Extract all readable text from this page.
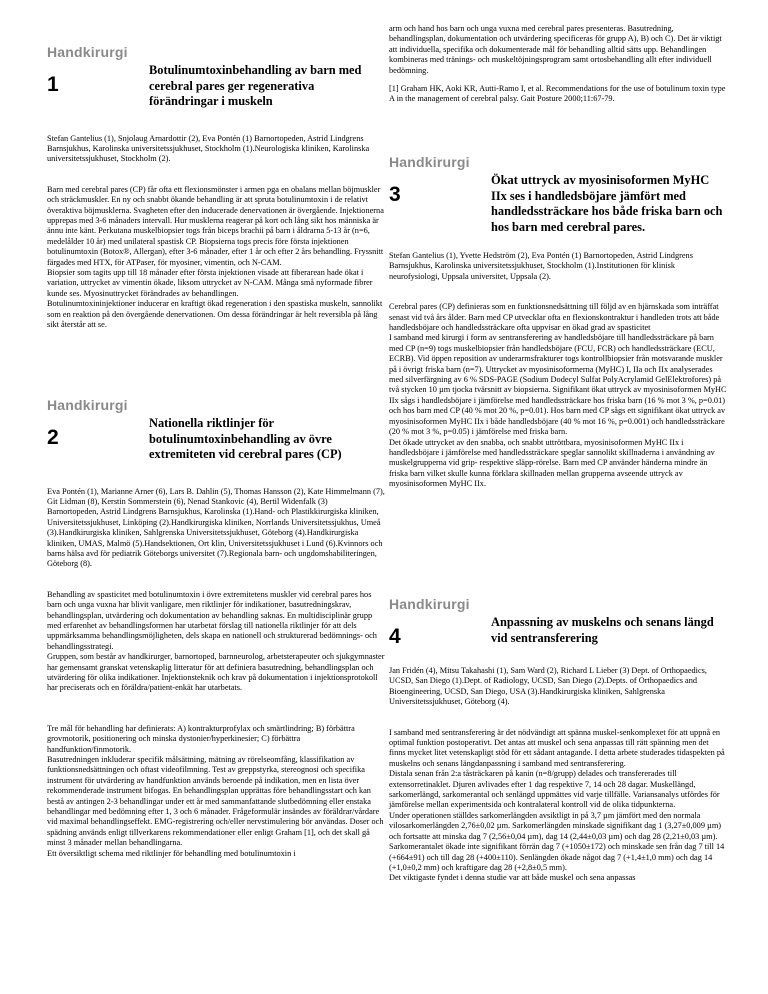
Handkirurgi
1
Botulinumtoxinbehandling av barn med cerebral pares ger regenerativa förändringar i muskeln
Stefan Gantelius (1), Snjolaug Arnardottir (2), Eva Pontén (1) Barnortopeden, Astrid Lindgrens Barnsjukhus, Karolinska universitetssjukhuset, Stockholm (1).Neurologiska kliniken, Karolinska universitetssjukhuset, Stockholm (2).
Barn med cerebral pares (CP) får ofta ett flexionsmönster i armen pga en obalans mellan böjmuskler och sträckmuskler. En ny och snabbt ökande behandling är att spruta botulinumtoxin i de relativt överaktiva böjmusklerna. Svagheten efter den inducerade denervationen är övergående. Injektionerna upprepas med 3-6 månaders intervall. Hur musklerna reagerar på kort och lång sikt hos människa är ännu inte känt. Perkutana muskelbiopsier togs från biceps brachii på barn i åldrarna 5-13 år (n=6, medelålder 10 år) med unilateral spastisk CP. Biopsierna togs precis före första injektionen botulinumtoxin (Botox®, Allergan), efter 3-6 månader, efter 1 år och efter 2 års behandling. Fryssnitt färgades med HTX, för ATPaser, för myosiner, vimentin, och N-CAM.
Biopsier som tagits upp till 18 månader efter första injektionen visade att fiberarean hade ökat i variation, uttrycket av vimentin ökade, liksom uttrycket av N-CAM. Många små nyformade fibrer kunde ses. Myosinuttrycket förändrades av behandlingen.
Botulinumtoxininjektioner inducerar en kraftigt ökad regeneration i den spastiska muskeln, sannolikt som en reaktion på den övergående denervationen. Om dessa förändringar är helt reversibla på lång sikt återstår att se.
Handkirurgi
2
Nationella riktlinjer för botulinumtoxinbehandling av övre extremiteten vid cerebral pares (CP)
Eva Pontén (1), Marianne Arner (6), Lars B. Dahlin (5), Thomas Hansson (2), Kate Himmelmann (7), Git Lidman (8), Kerstin Sommerstein (6), Nenad Stankovic (4), Bertil Widenfalk (3)
Barnortopeden, Astrid Lindgrens Barnsjukhus, Karolinska (1).Hand- och Plastikkirurgiska kliniken, Universitetssjukhuset, Linköping (2).Handkirurgiska kliniken, Norrlands Universitetssjukhus, Umeå (3).Handkirurgiska kliniken, Sahlgrenska Universitetssjukhuset, Göteborg (4).Handkirurgiska kliniken, UMAS, Malmö (5).Handsektionen, Ort klin, Universitetssjukhuset i Lund (6).Kvinnors och barns hälsa avd för pediatrik Göteborgs universitet (7).Regionala barn- och ungdomshabiliteringen, Göteborg (8).
Behandling av spasticitet med botulinumtoxin i övre extremitetens muskler vid cerebral pares hos barn och unga vuxna har blivit vanligare, men riktlinjer för indikationer, basutredningskrav, behandlingsplan, utvärdering och dokumentation av behandling saknas. En multidisciplinär grupp med erfarenhet av behandlingsformen har utarbetat förslag till nationella riktlinjer för att dels uppmärksamma behandlingsmöjligheten, dels skapa en nationell och strukturerad bedömnings- och behandlingsstrategi.
Gruppen, som består av handkirurger, barnortoped, barnneurolog, arbetsterapeuter och sjukgymnaster har gemensamt granskat vetenskaplig litteratur för att definiera basutredning, behandlingsplan och utvärdering för olika indikationer. Injektionsteknik och krav på dokumentation i injektionsprotokoll har preciserats och en föräldra/patient-enkät har utarbetats.
Tre mål för behandling har definierats: A) kontrakturprofylax och smärtlindring; B) förbättra grovmotorik, positionering och minska dystonier/hyperkinesier; C) förbättra handfunktion/finmotorik.
Basutredningen inkluderar specifik målsättning, mätning av rörelseomfång, klassifikation av funktionsnedsättningen och oftast videofilmning. Test av greppstyrka, stereognosi och specifika instrument för utvärdering av handfunktion används beroende på indikation, men en lista över rekommenderade instrument bifogas. En behandlingsplan upprättas före behandlingsstart och kan bestå av antingen 2-3 behandlingar under ett år med sammanfattande slutbedömning eller enstaka behandlingar med bedömning efter 1, 3 och 6 månader. Frågeformulär insändes av föräldrar/vårdare vid maximal behandlingseffekt. EMG-registrering och/eller nervstimulering bör användas. Doser och spädning används enligt tillverkarens rekommendationer eller enligt Graham [1], och det skall gå minst 3 månader mellan behandlingarna.
Ett översiktligt schema med riktlinjer för behandling med botulinumtoxin i
arm och hand hos barn och unga vuxna med cerebral pares presenteras. Basutredning, behandlingsplan, dokumentation och utvärdering specificeras för grupp A), B) och C). Det är viktigt att individuella, specifika och dokumenterade mål för behandling alltid sätts upp. Behandlingen kombineras med tränings- och muskeltöjningsprogram samt ortosbehandling allt efter individuell bedömning.
[1] Graham HK, Aoki KR, Autti-Ramo I, et al. Recommendations for the use of botulinum toxin type A in the management of cerebral palsy. Gait Posture 2000;11:67-79.
Handkirurgi
3
Ökat uttryck av myosinisoformen MyHC IIx ses i handledsböjare jämfört med handledssträckare hos både friska barn och hos barn med cerebral pares.
Stefan Gantelius (1), Yvette Hedström (2), Eva Pontén (1) Barnortopeden, Astrid Lindgrens Barnsjukhus, Karolinska universitetssjukhuset, Stockholm (1).Institutionen för klinisk neurofysiologi, Uppsala universitet, Uppsala (2).
Cerebral pares (CP) definieras som en funktionsnedsättning till följd av en hjärnskada som inträffat senast vid två års ålder. Barn med CP utvecklar ofta en flexionskontraktur i handleden trots att både handledsböjare och handledssträckare ofta uppvisar en ökad grad av spasticitet
I samband med kirurgi i form av sentransferering av handledsböjare till handledssträckare på barn med CP (n=9) togs muskelbiopsier från handledsböjare (FCU, FCR) och handledssträckare (ECU, ECRB). Vid öppen reposition av underarmsfrakturer togs kontrollbiopsier från motsvarande muskler på i övrigt friska barn (n=7). Uttrycket av myosinisoformerna (MyHC) I, IIa och IIx analyserades med silverfärgning av 6 % SDS-PAGE (Sodium Dodecyl Sulfat PolyAcrylamid GelElektrofores) på två stycken 10 µm tjocka tvärsnitt av biopsierna. Signifikant ökat uttryck av myosinisoformen MyHC IIx sågs i handledsböjare i jämförelse med handledssträckare hos friska barn (16 % mot 3 %, p=0.01) och hos barn med CP (40 % mot 20 %, p=0.01). Hos barn med CP sågs ett signifikant ökat uttryck av myosinisoformen MyHC IIx i både handledsböjare (40 % mot 16 %, p=0.001) och handledssträckare (20 % mot 3 %, p=0.05) i jämförelse med friska barn.
Det ökade uttrycket av den snabba, och snabbt uttröttbara, myosinisoformen MyHC IIx i handledsböjare i jämförelse med handledssträckare speglar sannolikt skillnaderna i användning av muskelgrupperna vid grip- respektive släpp-rörelse. Barn med CP använder händerna mindre än friska barn vilket skulle kunna förklara skillnaden mellan grupperna avseende uttryck av myosinisoformen MyHC IIx.
Handkirurgi
4
Anpassning av muskelns och senans längd vid sentransferering
Jan Fridén (4), Mitsu Takahashi (1), Sam Ward (2), Richard L Lieber (3) Dept. of Orthopaedics, UCSD, San Diego (1).Dept. of Radiology, UCSD, San Diego (2).Depts. of Orthopaedics and Bioengineering, UCSD, San Diego, USA (3).Handkirurgiska kliniken, Sahlgrenska Universitetssjukhuset, Göteborg (4).
I samband med sentransferering är det nödvändigt att spänna muskel-senkomplexet för att uppnå en optimal funktion postoperativt. Det antas att muskel och sena anpassas till rätt spänning men det finns mycket litet vetenskapligt stöd för ett sådant antagande. I detta arbete studerades tidaspekten på muskelns och senans längdanpassning i samband med sentransferering.
Distala senan från 2:a tåsträckaren på kanin (n=8/grupp) delades och transfererades till extensorretinaklet. Djuren avlivades efter 1 dag respektive 7, 14 och 28 dagar. Muskellängd, sarkomerlängd, sarkomerantal och senlängd uppmättes vid varje tillfälle. Variansanalys utfördes för jämförelse mellan experimentsida och kontralateral kontroll vid de olika tidpunkterna.
Under operationen ställdes sarkomerlängden avsiktligt in på 3,7 µm jämfört med den normala vilosarkomerlängden 2,76±0,02 µm. Sarkomerlängden minskade signifikant dag 1 (3,27±0,009 µm) och fortsatte att minska dag 7 (2,56±0,04 µm), dag 14 (2,44±0,03 µm) och dag 28 (2,21±0,03 µm). Sarkomerantalet ökade inte signifikant förrän dag 7 (+1050±172) och minskade sen från dag 7 till 14 (+664±91) och till dag 28 (+400±110). Senlängden ökade något dag 7 (+1,4±1,0 mm) och dag 14 (+1,0±0,2 mm) och kraftigare dag 28 (+2,8±0,5 mm).
Det viktigaste fyndet i denna studie var att både muskel och sena anpassas
